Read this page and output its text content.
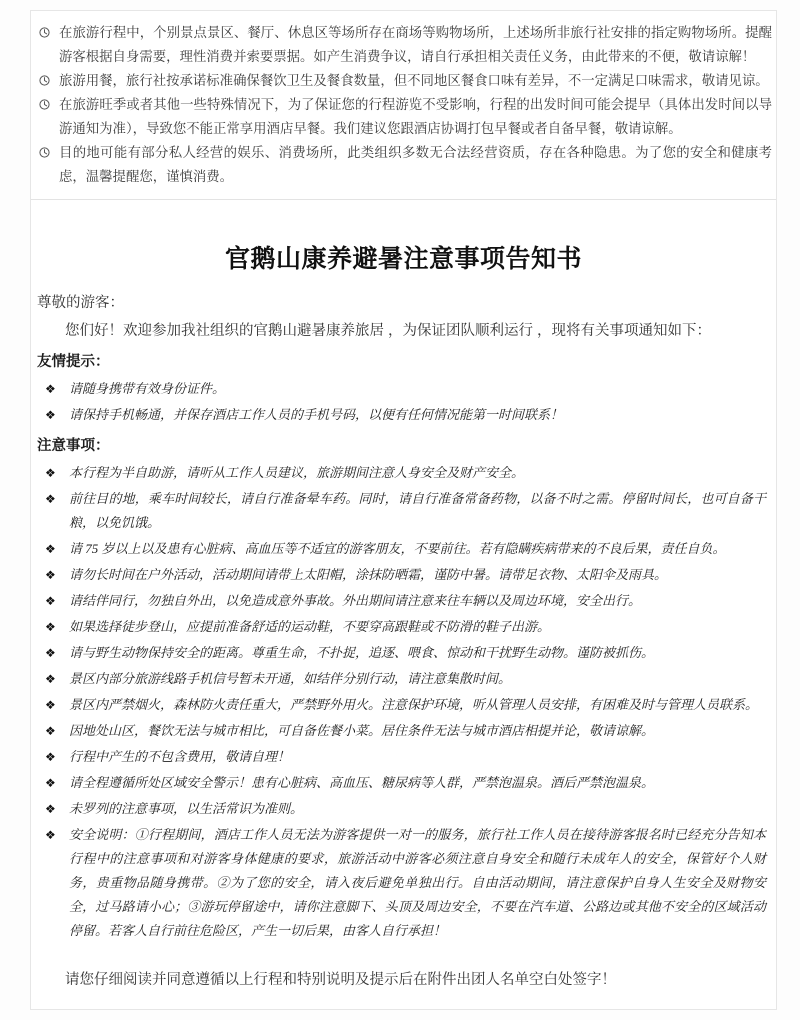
在旅游行程中，个别景点景区、餐厅、休息区等场所存在商场等购物场所，上述场所非旅行社安排的指定购物场所。提醒游客根据自身需要，理性消费并索要票据。如产生消费争议，请自行承担相关责任义务，由此带来的不便，敬请谅解！
旅游用餐，旅行社按承诺标准确保餐饮卫生及餐食数量，但不同地区餐食口味有差异，不一定满足口味需求，敬请见谅。
在旅游旺季或者其他一些特殊情况下，为了保证您的行程游览不受影响，行程的出发时间可能会提早（具体出发时间以导游通知为准），导致您不能正常享用酒店早餐。我们建议您跟酒店协调打包早餐或者自备早餐，敬请谅解。
目的地可能有部分私人经营的娱乐、消费场所，此类组织多数无合法经营资质，存在各种隐患。为了您的安全和健康考虑，温馨提醒您，谨慎消费。
官鹅山康养避暑注意事项告知书
尊敬的游客：
您们好！欢迎参加我社组织的官鹅山避暑康养旅居 ，为保证团队顺利运行 ，现将有关事项通知如下：
友情提示：
❖	请随身携带有效身份证件。
❖	请保持手机畅通，并保存酒店工作人员的手机号码，以便有任何情况能第一时间联系！
注意事项：
❖	本行程为半自助游，请听从工作人员建议，旅游期间注意人身安全及财产安全。
❖	前往目的地，乘车时间较长，请自行准备晕车药。同时，请自行准备常备药物，以备不时之需。停留时间长，也可自备干粮，以免饥饿。
❖	请 75 岁以上以及患有心脏病、高血压等不适宜的游客朋友，不要前往。若有隐瞒疾病带来的不良后果，责任自负。
❖	请勿长时间在户外活动，活动期间请带上太阳帽，涂抹防晒霜，谨防中暑。请带足衣物、太阳伞及雨具。
❖	请结伴同行，勿独自外出，以免造成意外事故。外出期间请注意来往车辆以及周边环境，安全出行。
❖	如果选择徒步登山，应提前准备舒适的运动鞋，不要穿高跟鞋或不防滑的鞋子出游。
❖	请与野生动物保持安全的距离。尊重生命，不扑捉，追逐、喂食、惊动和干扰野生动物。谨防被抓伤。
❖	景区内部分旅游线路手机信号暂未开通，如结伴分别行动，请注意集散时间。
❖	景区内严禁烟火，森林防火责任重大，严禁野外用火。注意保护环境，听从管理人员安排，有困难及时与管理人员联系。
❖	因地处山区，餐饮无法与城市相比，可自备佐餐小菜。居住条件无法与城市酒店相提并论，敬请谅解。
❖	行程中产生的不包含费用，敬请自理！
❖	请全程遵循所处区域安全警示！患有心脏病、高血压、糖尿病等人群，严禁泡温泉。酒后严禁泡温泉。
❖	未罗列的注意事项，以生活常识为准则。
❖	安全说明：①行程期间，酒店工作人员无法为游客提供一对一的服务，旅行社工作人员在接待游客报名时已经充分告知本行程中的注意事项和对游客身体健康的要求，旅游活动中游客必须注意自身安全和随行未成年人的安全，保管好个人财务，贵重物品随身携带。②为了您的安全，请入夜后避免单独出行。自由活动期间，请注意保护自身人生安全及财物安全，过马路请小心；③游玩停留途中，请你注意脚下、头顶及周边安全，不要在汽车道、公路边或其他不安全的区域活动停留。若客人自行前往危险区，产生一切后果，由客人自行承担！
请您仔细阅读并同意遵循以上行程和特别说明及提示后在附件出团人名单空白处签字！
